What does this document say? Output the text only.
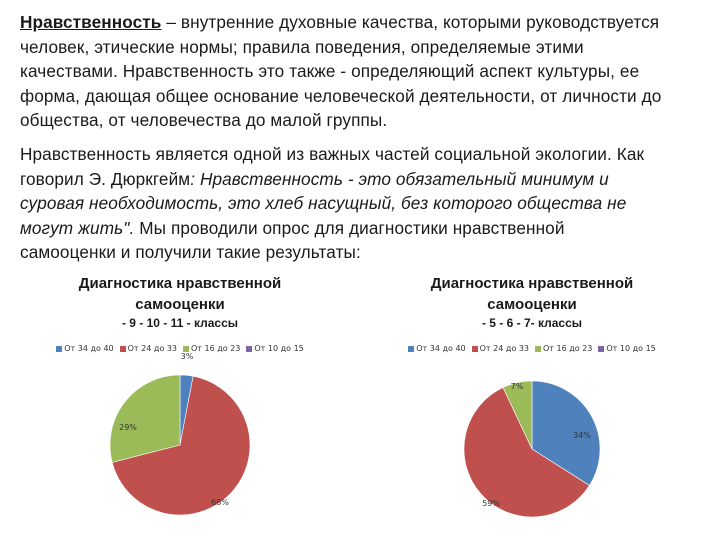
Нравственность – внутренние духовные качества, которыми руководствуется
человек, этические нормы; правила поведения, определяемые этими
качествами. Нравственность это также - определяющий аспект культуры, ее
форма, дающая общее основание человеческой деятельности, от личности до
общества, от человечества до малой группы.
Нравственность является одной из важных частей социальной экологии. Как
говорил Э. Дюркгейм: Нравственность - это обязательный минимум и
суровая необходимость, это хлеб насущный, без которого общества не
могут жить". Мы проводили опрос для диагностики нравственной
самооценки и получили такие результаты:
Диагностика нравственной
самооценки
- 9 - 10 - 11 - классы
От 34 до 40 От 24 до 33 От 16 до 23 От 10 до 15
3%
68%
29%
Диагностика нравственной
самооценки
- 5 - 6 - 7- классы
От 34 до 40 От 24 до 33 От 16 до 23 От 10 до 15
34%
59%
7%
